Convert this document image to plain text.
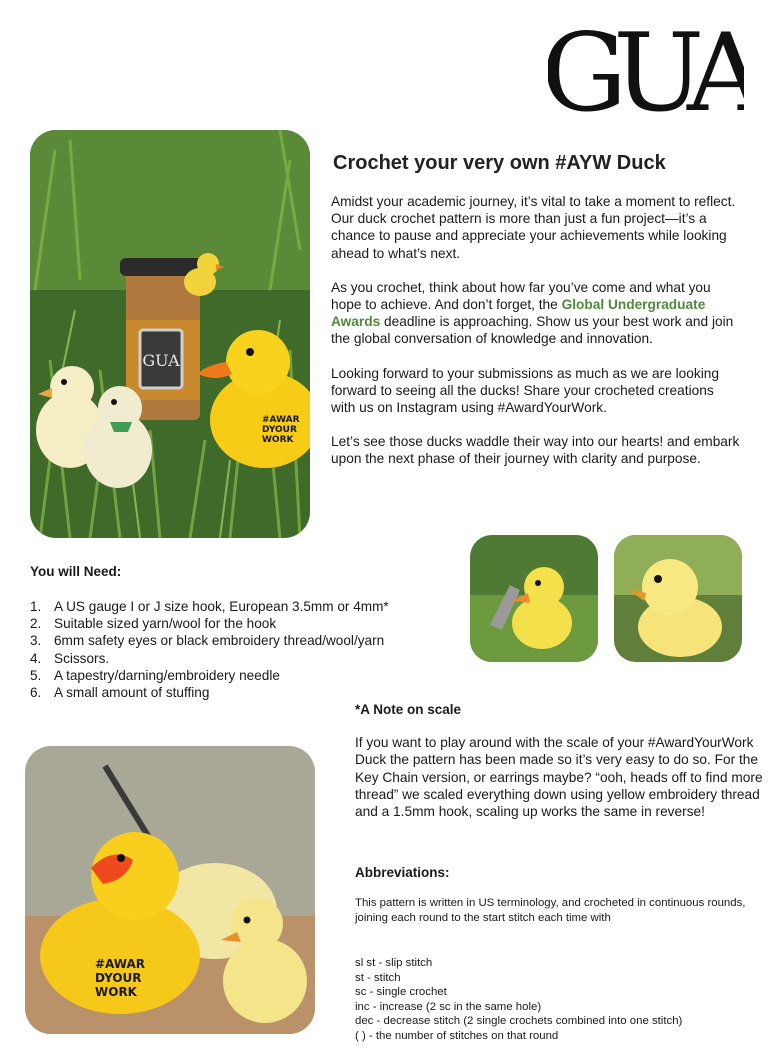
GUA
GUA
#AWAR
DYOUR
WORK
Crochet your very own #AYW Duck

Amidst your academic journey, it’s vital to take a moment to reflect. Our duck crochet pattern is more than just a fun project—it’s a chance to pause and appreciate your achievements while looking ahead to what’s next.

As you crochet, think about how far you’ve come and what you hope to achieve. And don’t forget, the Global Undergraduate Awards deadline is approaching. Show us your best work and join the global conversation of knowledge and innovation.

Looking forward to your submissions as much as we are looking forward to seeing all the ducks! Share your crocheted creations with us on Instagram using #AwardYourWork.

Let’s see those ducks waddle their way into our hearts! and embark upon the next phase of their journey with clarity and purpose.

You will Need:
1. A US gauge I or J size hook, European 3.5mm or 4mm*
2. Suitable sized yarn/wool for the hook
3. 6mm safety eyes or black embroidery thread/wool/yarn
4. Scissors.
5. A tapestry/darning/embroidery needle
6. A small amount of stuffing
#AWAR
DYOUR
WORK
*A Note on scale

If you want to play around with the scale of your #AwardYourWork Duck the pattern has been made so it’s very easy to do so. For the Key Chain version, or earrings maybe? “ooh, heads off to find more thread” we scaled everything down using yellow embroidery thread and a 1.5mm hook, scaling up works the same in reverse!

Abbreviations:

This pattern is written in US terminology, and crocheted in continuous rounds, joining each round to the start stitch each time with

sl st - slip stitch
st - stitch
sc - single crochet
inc - increase (2 sc in the same hole)
dec - decrease stitch (2 single crochets combined into one stitch)
( ) - the number of stitches on that round
